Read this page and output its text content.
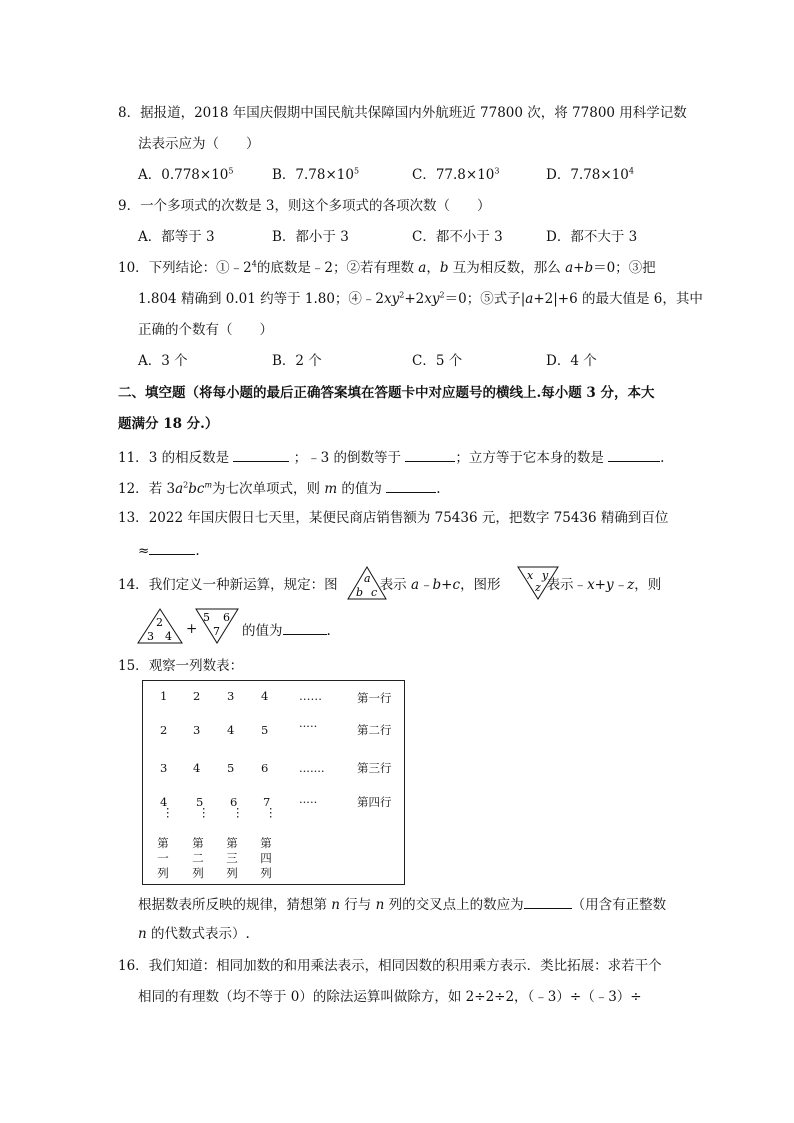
8．据报道，2018 年国庆假期中国民航共保障国内外航班近 77800 次，将 77800 用科学记数
法表示应为（　　）
A．$0.778\times 10^5$	B．$7.78\times 10^5$	C．$77.8\times 10^3$	D．$7.78\times 10^4$
9．一个多项式的次数是 3，则这个多项式的各项次数（　　）
A．都等于 3	B．都小于 3	C．都不小于 3	D．都不大于 3
10．下列结论：$①﹣2^4$的底数是﹣2；②若有理数 a，b 互为相反数，那么 a+b＝0；③把
1.804 精确到 0.01 约等于 1.80；$④﹣2xy^2+2xy^2=0$；⑤式子|a+2|+6 的最大值是 6，其中
正确的个数有（　　）
A．3 个	B．2 个	C．5 个	D．4 个
二、填空题（将每小题的最后正确答案填在答题卡中对应题号的横线上.每小题 3 分，本大
题满分 18 分.）
11．3 的相反数是	；﹣3 的倒数等于	；立方等于它本身的数是	.
12．若 $3a^2bc^m$为七次单项式，则 m 的值为	.
13．2022 年国庆假日七天里，某便民商店销售额为 75436 元，把数字 75436 精确到百位
≈	.
14．我们定义一种新运算，规定：图	表示 a﹣b+c，图形	表示﹣x+y﹣z，则
a
b c
x y
z
2
3 4 +
5 6
7 的值为	.
15．观察一列数表：
1 2 3 4	……	第一行
2 3 4 5	·····	第二行
3 4 5 6	.......	第三行
4 5 6 7 ·····	第四行
⋮ ⋮ ⋮ ⋮
第
一
列
第
二
列
第
三
列
第
四
列
根据数表所反映的规律，猜想第 n 行与 n 列的交叉点上的数应为	（用含有正整数
n 的代数式表示）.
16．我们知道：相同加数的和用乘法表示，相同因数的积用乘方表示．类比拓展：求若干个
相同的有理数（均不等于 0）的除法运算叫做除方，如 2÷2÷2，（﹣3）÷（﹣3）÷
